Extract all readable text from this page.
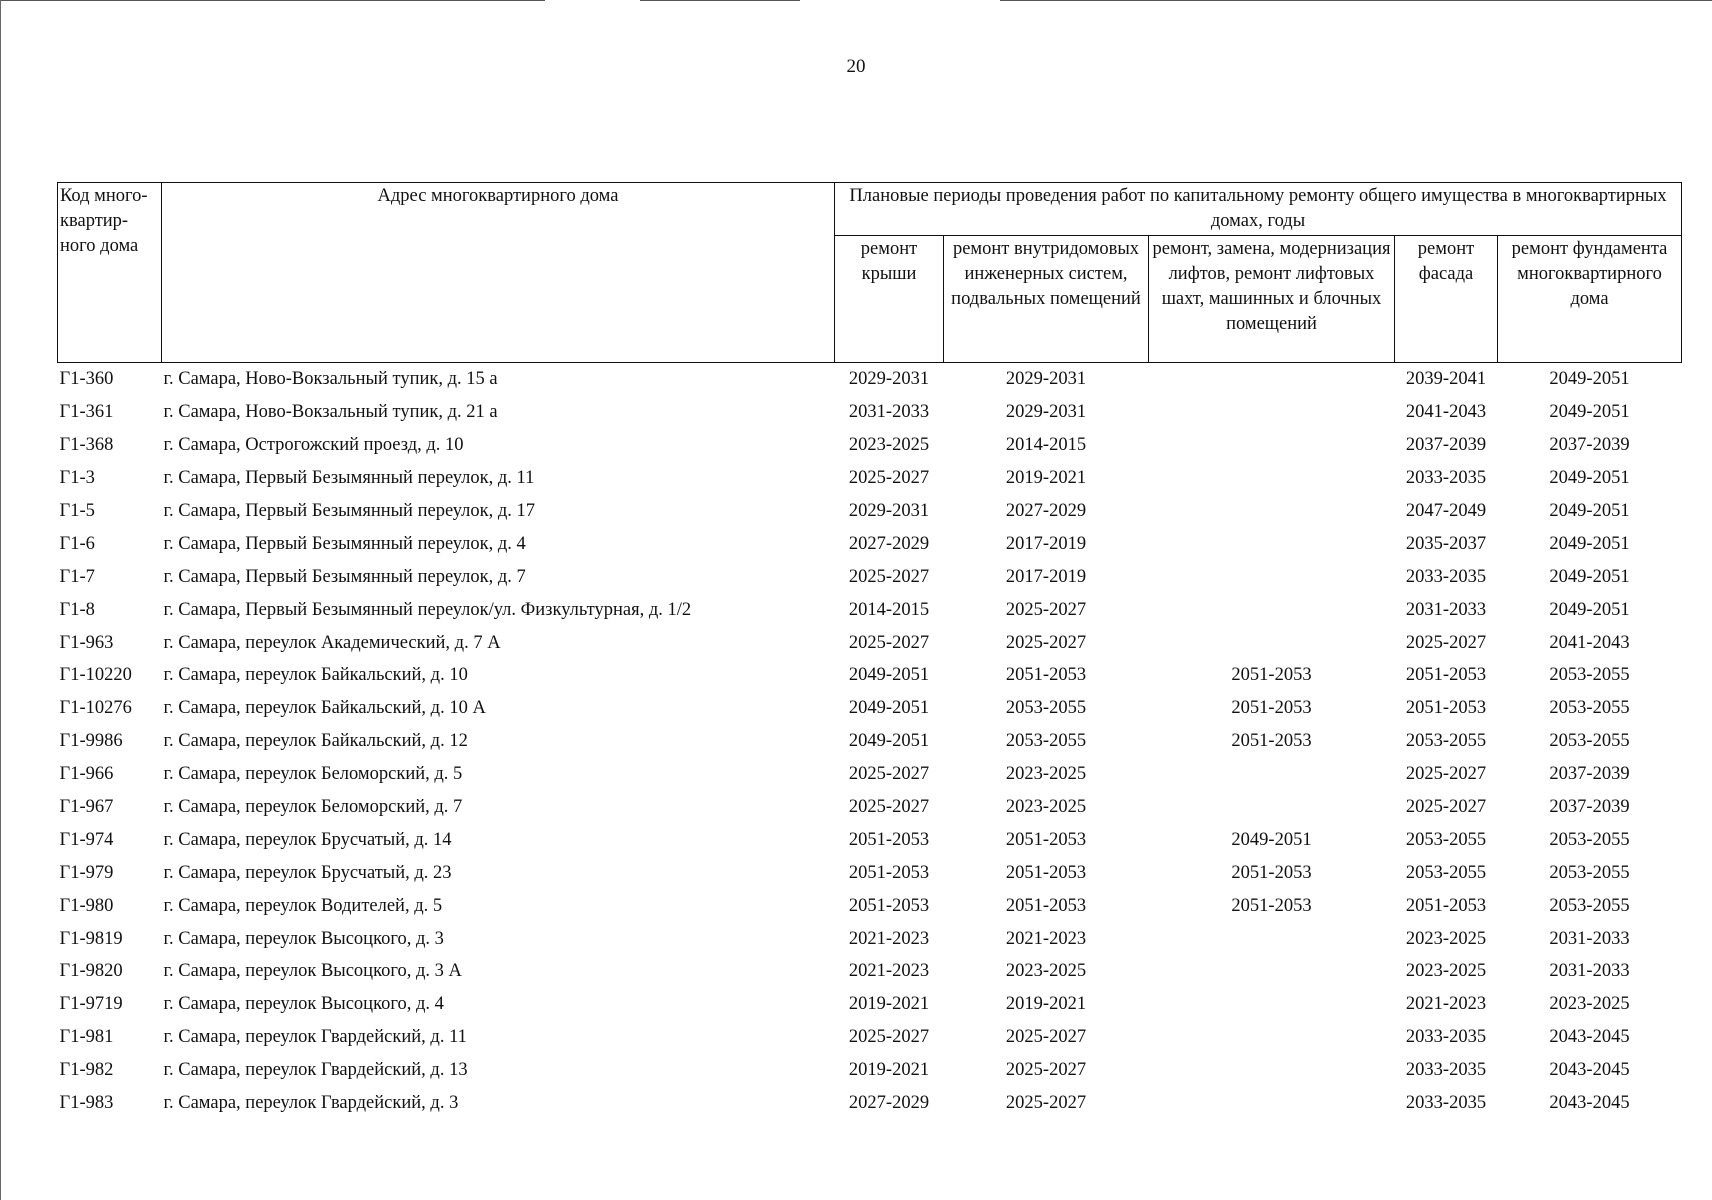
20
Код много-квартир-ного дома	Адрес многоквартирного дома	Плановые периоды проведения работ по капитальному ремонту общего имущества в многоквартирных домах, годы				
		ремонт крыши	ремонт внутридомовых инженерных систем, подвальных помещений	ремонт, замена, модернизация лифтов, ремонт лифтовых шахт, машинных и блочных помещений	ремонт фасада	ремонт фундамента многоквартирного дома
Г1-360	г. Самара, Ново-Вокзальный тупик, д. 15 а	2029-2031	2029-2031		2039-2041	2049-2051
Г1-361	г. Самара, Ново-Вокзальный тупик, д. 21 а	2031-2033	2029-2031		2041-2043	2049-2051
Г1-368	г. Самара, Острогожский проезд, д. 10	2023-2025	2014-2015		2037-2039	2037-2039
Г1-3	г. Самара, Первый Безымянный переулок, д. 11	2025-2027	2019-2021		2033-2035	2049-2051
Г1-5	г. Самара, Первый Безымянный переулок, д. 17	2029-2031	2027-2029		2047-2049	2049-2051
Г1-6	г. Самара, Первый Безымянный переулок, д. 4	2027-2029	2017-2019		2035-2037	2049-2051
Г1-7	г. Самара, Первый Безымянный переулок, д. 7	2025-2027	2017-2019		2033-2035	2049-2051
Г1-8	г. Самара, Первый Безымянный переулок/ул. Физкультурная, д. 1/2	2014-2015	2025-2027		2031-2033	2049-2051
Г1-963	г. Самара, переулок Академический, д. 7 А	2025-2027	2025-2027		2025-2027	2041-2043
Г1-10220	г. Самара, переулок Байкальский, д. 10	2049-2051	2051-2053	2051-2053	2051-2053	2053-2055
Г1-10276	г. Самара, переулок Байкальский, д. 10 А	2049-2051	2053-2055	2051-2053	2051-2053	2053-2055
Г1-9986	г. Самара, переулок Байкальский, д. 12	2049-2051	2053-2055	2051-2053	2053-2055	2053-2055
Г1-966	г. Самара, переулок Беломорский, д. 5	2025-2027	2023-2025		2025-2027	2037-2039
Г1-967	г. Самара, переулок Беломорский, д. 7	2025-2027	2023-2025		2025-2027	2037-2039
Г1-974	г. Самара, переулок Брусчатый, д. 14	2051-2053	2051-2053	2049-2051	2053-2055	2053-2055
Г1-979	г. Самара, переулок Брусчатый, д. 23	2051-2053	2051-2053	2051-2053	2053-2055	2053-2055
Г1-980	г. Самара, переулок Водителей, д. 5	2051-2053	2051-2053	2051-2053	2051-2053	2053-2055
Г1-9819	г. Самара, переулок Высоцкого, д. 3	2021-2023	2021-2023		2023-2025	2031-2033
Г1-9820	г. Самара, переулок Высоцкого, д. 3 А	2021-2023	2023-2025		2023-2025	2031-2033
Г1-9719	г. Самара, переулок Высоцкого, д. 4	2019-2021	2019-2021		2021-2023	2023-2025
Г1-981	г. Самара, переулок Гвардейский, д. 11	2025-2027	2025-2027		2033-2035	2043-2045
Г1-982	г. Самара, переулок Гвардейский, д. 13	2019-2021	2025-2027		2033-2035	2043-2045
Г1-983	г. Самара, переулок Гвардейский, д. 3	2027-2029	2025-2027		2033-2035	2043-2045
